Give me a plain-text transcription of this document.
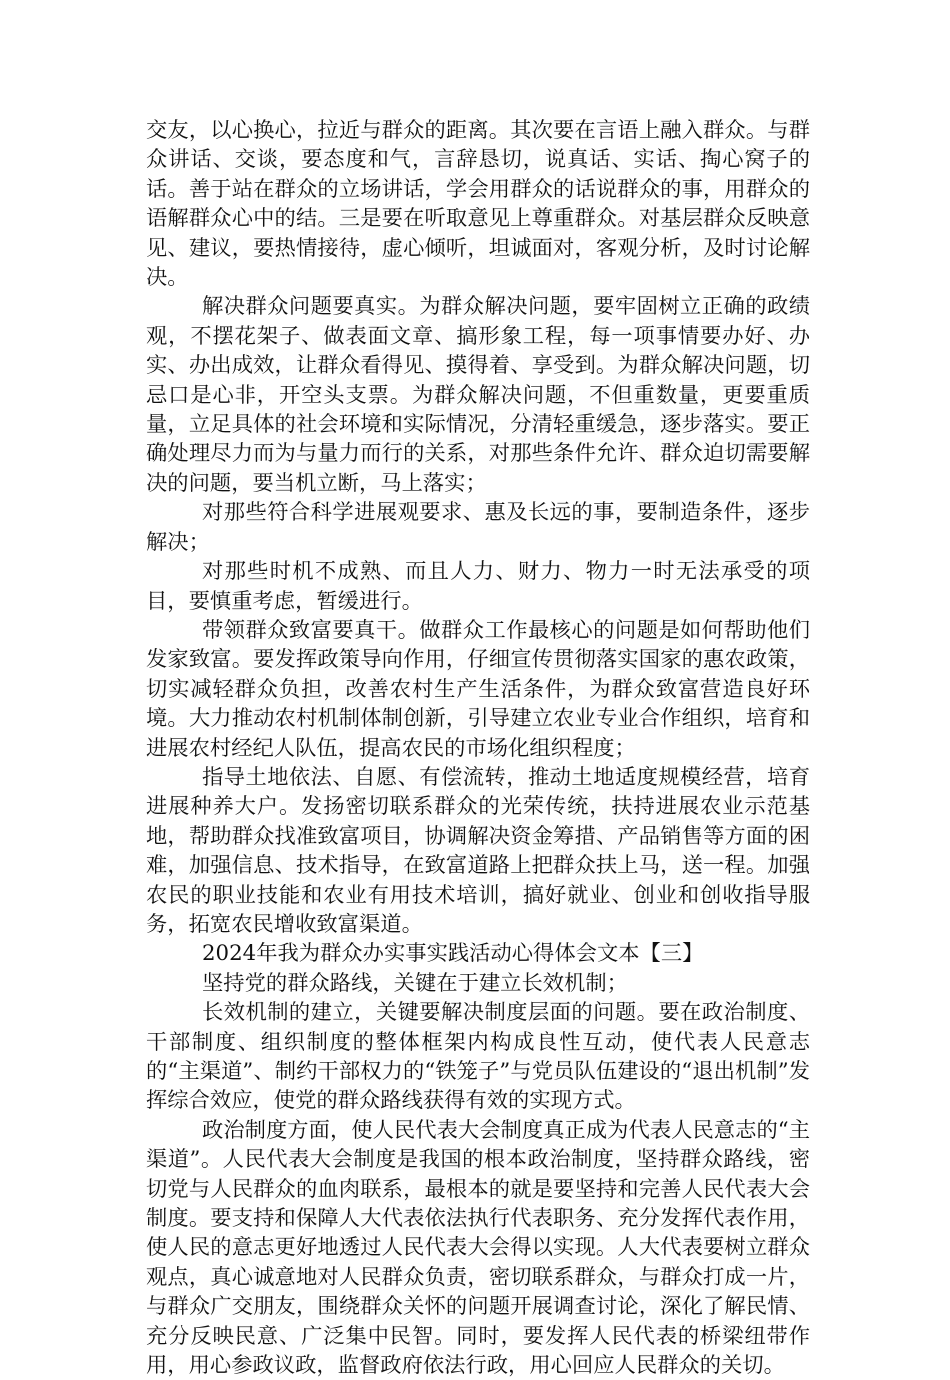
交友，以心换心，拉近与群众的距离。其次要在言语上融入群众。与群众讲话、交谈，要态度和气，言辞恳切，说真话、实话、掏心窝子的话。善于站在群众的立场讲话，学会用群众的话说群众的事，用群众的语解群众心中的结。三是要在听取意见上尊重群众。对基层群众反映意见、建议，要热情接待，虚心倾听，坦诚面对，客观分析，及时讨论解决。

解决群众问题要真实。为群众解决问题，要牢固树立正确的政绩观，不摆花架子、做表面文章、搞形象工程，每一项事情要办好、办实、办出成效，让群众看得见、摸得着、享受到。为群众解决问题，切忌口是心非，开空头支票。为群众解决问题，不但重数量，更要重质量，立足具体的社会环境和实际情况，分清轻重缓急，逐步落实。要正确处理尽力而为与量力而行的关系，对那些条件允许、群众迫切需要解决的问题，要当机立断，马上落实；

对那些符合科学进展观要求、惠及长远的事，要制造条件，逐步解决；

对那些时机不成熟、而且人力、财力、物力一时无法承受的项目，要慎重考虑，暂缓进行。

带领群众致富要真干。做群众工作最核心的问题是如何帮助他们发家致富。要发挥政策导向作用，仔细宣传贯彻落实国家的惠农政策，切实减轻群众负担，改善农村生产生活条件，为群众致富营造良好环境。大力推动农村机制体制创新，引导建立农业专业合作组织，培育和进展农村经纪人队伍，提高农民的市场化组织程度；

指导土地依法、自愿、有偿流转，推动土地适度规模经营，培育进展种养大户。发扬密切联系群众的光荣传统，扶持进展农业示范基地，帮助群众找准致富项目，协调解决资金筹措、产品销售等方面的困难，加强信息、技术指导，在致富道路上把群众扶上马，送一程。加强农民的职业技能和农业有用技术培训，搞好就业、创业和创收指导服务，拓宽农民增收致富渠道。

2024年我为群众办实事实践活动心得体会文本【三】

坚持党的群众路线，关键在于建立长效机制；

长效机制的建立，关键要解决制度层面的问题。要在政治制度、干部制度、组织制度的整体框架内构成良性互动，使代表人民意志的“主渠道”、制约干部权力的“铁笼子”与党员队伍建设的“退出机制”发挥综合效应，使党的群众路线获得有效的实现方式。

政治制度方面，使人民代表大会制度真正成为代表人民意志的“主渠道”。人民代表大会制度是我国的根本政治制度，坚持群众路线，密切党与人民群众的血肉联系，最根本的就是要坚持和完善人民代表大会制度。要支持和保障人大代表依法执行代表职务、充分发挥代表作用，使人民的意志更好地透过人民代表大会得以实现。人大代表要树立群众观点，真心诚意地对人民群众负责，密切联系群众，与群众打成一片，与群众广交朋友，围绕群众关怀的问题开展调查讨论，深化了解民情、充分反映民意、广泛集中民智。同时，要发挥人民代表的桥梁纽带作用，用心参政议政，监督政府依法行政，用心回应人民群众的关切。
